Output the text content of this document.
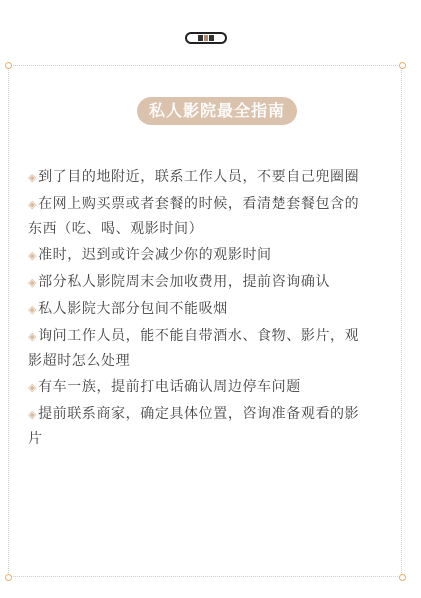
私人影院最全指南
◈到了目的地附近，联系工作人员，不要自己兜圈圈
◈在网上购买票或者套餐的时候，看清楚套餐包含的东西（吃、喝、观影时间）
◈准时，迟到或许会减少你的观影时间
◈部分私人影院周末会加收费用，提前咨询确认
◈私人影院大部分包间不能吸烟
◈询问工作人员，能不能自带酒水、食物、影片，观影超时怎么处理
◈有车一族，提前打电话确认周边停车问题
◈提前联系商家，确定具体位置，咨询准备观看的影片
